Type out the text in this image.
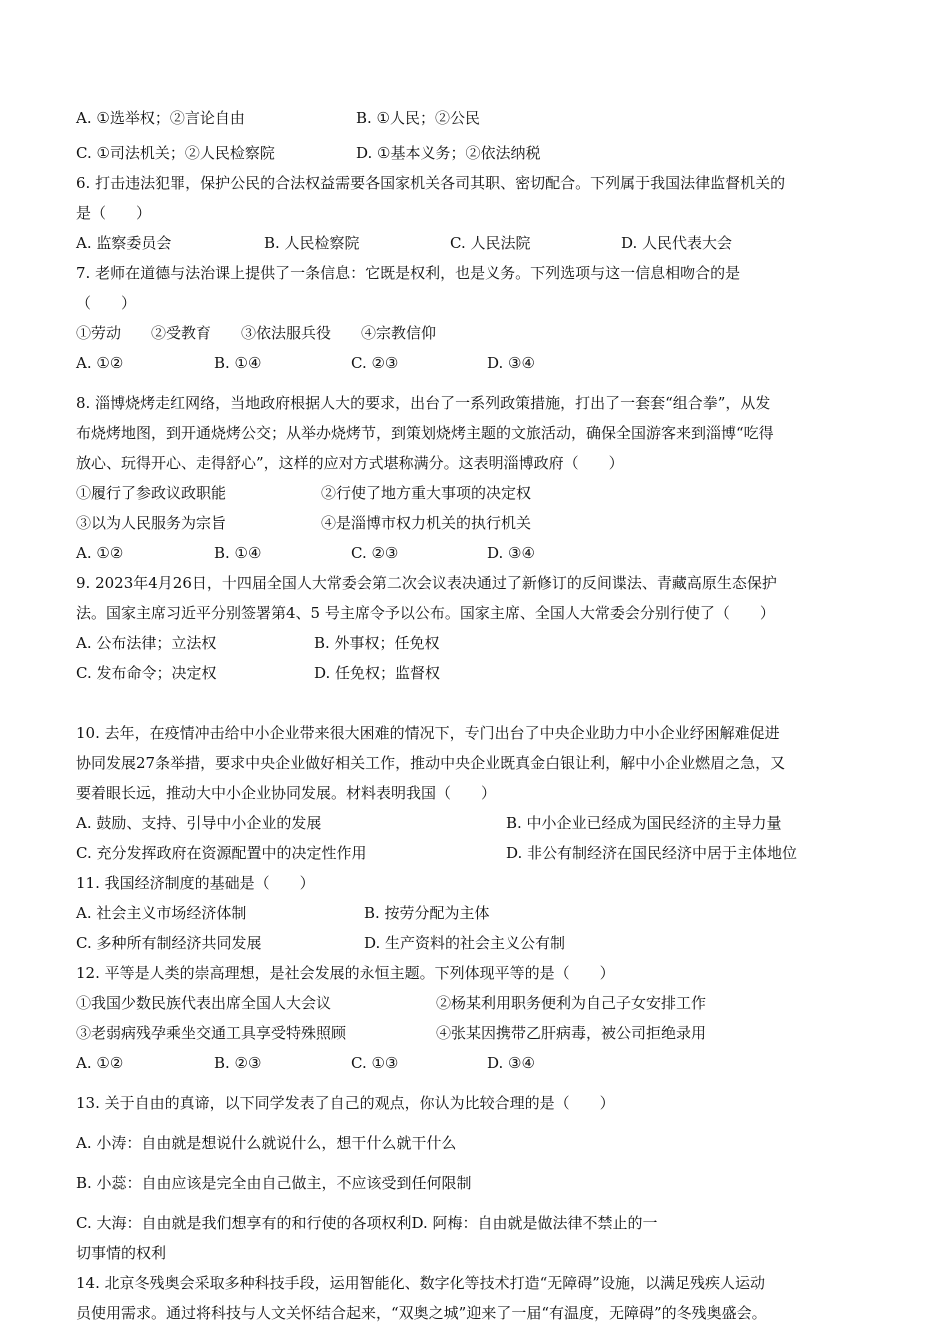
A. ①选举权；②言论自由	B. ①人民；②公民
C. ①司法机关；②人民检察院	D. ①基本义务；②依法纳税
6. 打击违法犯罪，保护公民的合法权益需要各国家机关各司其职、密切配合。下列属于我国法律监督机关的
是（　　）
A. 监察委员会	B. 人民检察院	C. 人民法院	D. 人民代表大会
7. 老师在道德与法治课上提供了一条信息：它既是权利，也是义务。下列选项与这一信息相吻合的是
（　　）
①劳动　　②受教育　　③依法服兵役　　④宗教信仰
A. ①②	B. ①④	C. ②③	D. ③④
8. 淄博烧烤走红网络，当地政府根据人大的要求，出台了一系列政策措施，打出了一套套“组合拳”，从发
布烧烤地图，到开通烧烤公交；从举办烧烤节，到策划烧烤主题的文旅活动，确保全国游客来到淄博“吃得
放心、玩得开心、走得舒心”，这样的应对方式堪称满分。这表明淄博政府（　　）
①履行了参政议政职能	②行使了地方重大事项的决定权
③以为人民服务为宗旨	④是淄博市权力机关的执行机关
A. ①②	B. ①④	C. ②③	D. ③④
9. 2023年4月26日，十四届全国人大常委会第二次会议表决通过了新修订的反间谍法、青藏高原生态保护
法。国家主席习近平分别签署第4、5 号主席令予以公布。国家主席、全国人大常委会分别行使了（　　）
A. 公布法律；立法权	B. 外事权；任免权
C. 发布命令；决定权	D. 任免权；监督权
10. 去年，在疫情冲击给中小企业带来很大困难的情况下，专门出台了中央企业助力中小企业纾困解难促进
协同发展27条举措，要求中央企业做好相关工作，推动中央企业既真金白银让利，解中小企业燃眉之急，又
要着眼长远，推动大中小企业协同发展。材料表明我国（　　）
A. 鼓励、支持、引导中小企业的发展	B. 中小企业已经成为国民经济的主导力量
C. 充分发挥政府在资源配置中的决定性作用	D. 非公有制经济在国民经济中居于主体地位
11. 我国经济制度的基础是（　　）
A. 社会主义市场经济体制	B. 按劳分配为主体
C. 多种所有制经济共同发展	D. 生产资料的社会主义公有制
12. 平等是人类的崇高理想，是社会发展的永恒主题。下列体现平等的是（　　）
①我国少数民族代表出席全国人大会议	②杨某利用职务便利为自己子女安排工作
③老弱病残孕乘坐交通工具享受特殊照顾	④张某因携带乙肝病毒，被公司拒绝录用
A. ①②	B. ②③	C. ①③	D. ③④
13. 关于自由的真谛，以下同学发表了自己的观点，你认为比较合理的是（　　）
A. 小涛：自由就是想说什么就说什么，想干什么就干什么
B. 小蕊：自由应该是完全由自己做主，不应该受到任何限制
C. 大海：自由就是我们想享有的和行使的各项权利D. 阿梅：自由就是做法律不禁止的一
切事情的权利
14. 北京冬残奥会采取多种科技手段，运用智能化、数字化等技术打造“无障碍”设施，以满足残疾人运动
员使用需求。通过将科技与人文关怀结合起来，“双奥之城”迎来了一届“有温度，无障碍”的冬残奥盛会。
